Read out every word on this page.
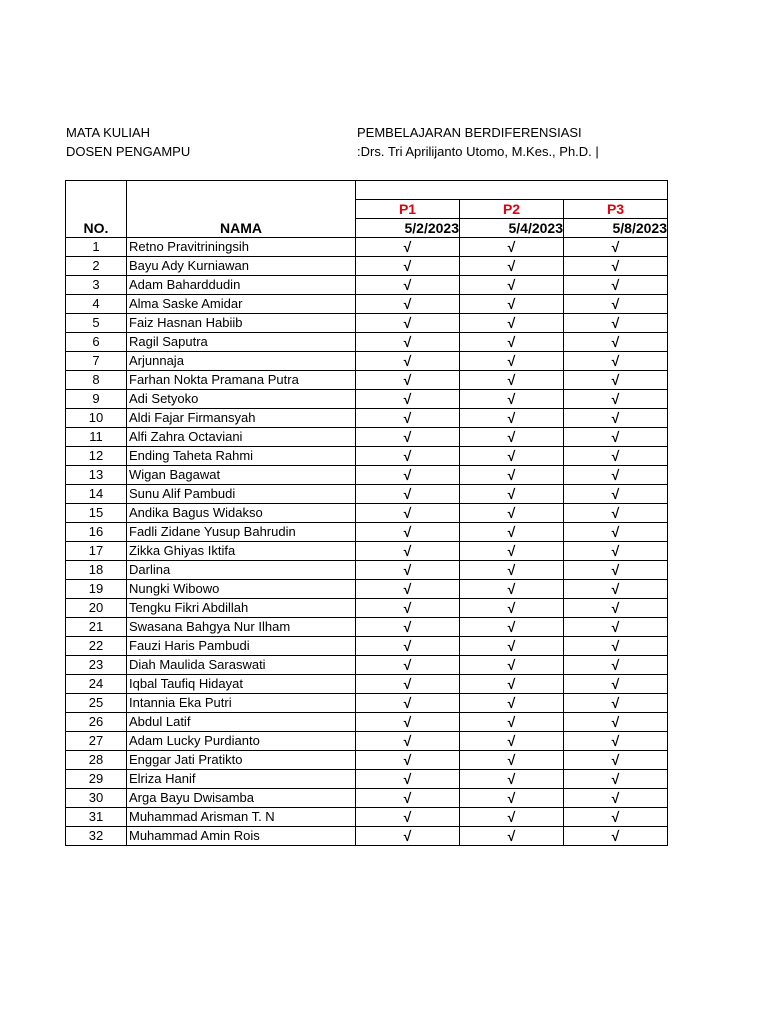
MATA KULIAH	PEMBELAJARAN BERDIFERENSIASI
DOSEN PENGAMPU	:Drs. Tri Aprilijanto Utomo, M.Kes., Ph.D. |

		P1	P2	P3
NO.	NAMA	5/2/2023	5/4/2023	5/8/2023
1	Retno Pravitriningsih	√	√	√
2	Bayu Ady Kurniawan	√	√	√
3	Adam Baharddudin	√	√	√
4	Alma Saske Amidar	√	√	√
5	Faiz Hasnan Habiib	√	√	√
6	Ragil Saputra	√	√	√
7	Arjunnaja	√	√	√
8	Farhan Nokta Pramana Putra	√	√	√
9	Adi Setyoko	√	√	√
10	Aldi Fajar Firmansyah	√	√	√
11	Alfi Zahra Octaviani	√	√	√
12	Ending Taheta Rahmi	√	√	√
13	Wigan Bagawat	√	√	√
14	Sunu Alif Pambudi	√	√	√
15	Andika Bagus Widakso	√	√	√
16	Fadli Zidane Yusup Bahrudin	√	√	√
17	Zikka Ghiyas Iktifa	√	√	√
18	Darlina	√	√	√
19	Nungki Wibowo	√	√	√
20	Tengku Fikri Abdillah	√	√	√
21	Swasana Bahgya Nur Ilham	√	√	√
22	Fauzi Haris Pambudi	√	√	√
23	Diah Maulida Saraswati	√	√	√
24	Iqbal Taufiq Hidayat	√	√	√
25	Intannia Eka Putri	√	√	√
26	Abdul Latif	√	√	√
27	Adam Lucky Purdianto	√	√	√
28	Enggar Jati Pratikto	√	√	√
29	Elriza Hanif	√	√	√
30	Arga Bayu Dwisamba	√	√	√
31	Muhammad Arisman T. N	√	√	√
32	Muhammad Amin Rois	√	√	√
